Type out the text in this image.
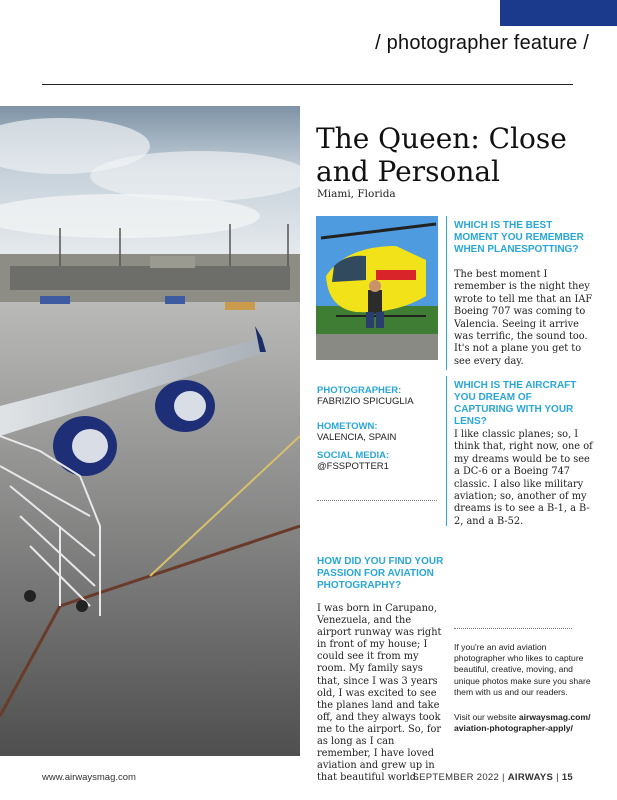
/ photographer feature /
The Queen: Close
and Personal
Miami, Florida
WHICH IS THE BEST MOMENT YOU REMEMBER WHEN PLANESPOTTING?
The best moment I remember is the night they wrote to tell me that an IAF Boeing 707 was coming to Valencia. Seeing it arrive was terrific, the sound too. It's not a plane you get to see every day.
WHICH IS THE AIRCRAFT YOU DREAM OF CAPTURING WITH YOUR LENS?
I like classic planes; so, I think that, right now, one of my dreams would be to see a DC-6 or a Boeing 747 classic. I also like military aviation; so, another of my dreams is to see a B-1, a B-2, and a B-52.
PHOTOGRAPHER:
FABRIZIO SPICUGLIA
HOMETOWN:
VALENCIA, SPAIN
SOCIAL MEDIA:
@FSSPOTTER1
HOW DID YOU FIND YOUR PASSION FOR AVIATION PHOTOGRAPHY?
I was born in Carupano, Venezuela, and the airport runway was right in front of my house; I could see it from my room. My family says that, since I was 3 years old, I was excited to see the planes land and take off, and they always took me to the airport. So, for as long as I can remember, I have loved aviation and grew up in that beautiful world.
If you're an avid aviation photographer who likes to capture beautiful, creative, moving, and unique photos make sure you share them with us and our readers.
Visit our website airwaysmag.com/aviation-photographer-apply/
www.airwaysmag.com	SEPTEMBER 2022 | AIRWAYS | 15
